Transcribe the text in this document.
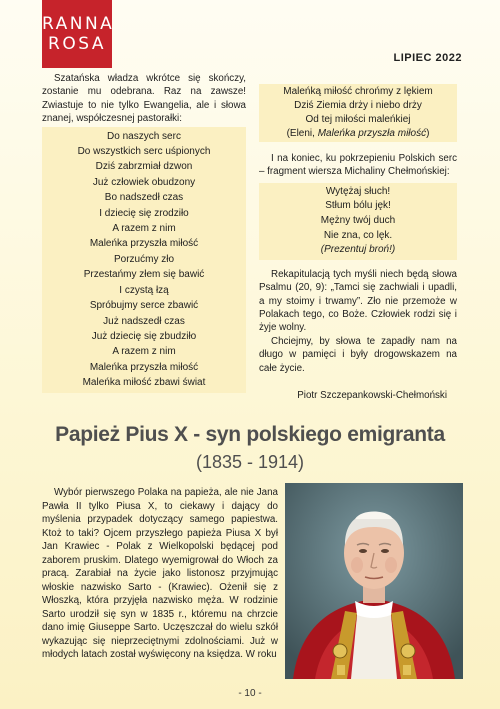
RANNA
ROSA
LIPIEC 2022

Szatańska władza wkrótce się skończy, zostanie mu odebrana. Raz na zawsze! Zwiastuje to nie tylko Ewangelia, ale i słowa znanej, współczesnej pastorałki:

Do naszych serc
Do wszystkich serc uśpionych
Dziś zabrzmiał dzwon
Już człowiek obudzony
Bo nadszedł czas
I dziecię się zrodziło
A razem z nim
Maleńka przyszła miłość
Porzućmy zło
Przestańmy złem się bawić
I czystą łzą
Spróbujmy serce zbawić
Już nadszedł czas
Już dziecię się zbudziło
A razem z nim
Maleńka przyszła miłość
Maleńka miłość zbawi świat
Maleńką miłość chrońmy z lękiem
Dziś Ziemia drży i niebo drży
Od tej miłości maleńkiej
(Eleni, Maleńka przyszła miłość)

I na koniec, ku pokrzepieniu Polskich serc – fragment wiersza Michaliny Chełmońskiej:

Wytężaj słuch!
Stłum bólu jęk!
Mężny twój duch
Nie zna, co lęk.
(Prezentuj broń!)

Rekapitulacją tych myśli niech będą słowa Psalmu (20, 9): „Tamci się zachwiali i upadli, a my stoimy i trwamy”. Zło nie przemoże w Polakach tego, co Boże. Człowiek rodzi się i żyje wolny.

Chciejmy, by słowa te zapadły nam na długo w pamięci i były drogowskazem na całe życie.

Piotr Szczepankowski-Chełmoński

Papież Pius X - syn polskiego emigranta
(1835 - 1914)

Wybór pierwszego Polaka na papieża, ale nie Jana Pawła II tylko Piusa X, to ciekawy i dający do myślenia przypadek dotyczący samego papiestwa. Ktoż to taki? Ojcem przyszłego papieża Piusa X był Jan Krawiec - Polak z Wielkopolski będącej pod zaborem pruskim. Dlatego wyemigrował do Włoch za pracą. Zarabiał na życie jako listonosz przyjmując włoskie nazwisko Sarto - (Krawiec). Ożenił się z Włoszką, która przyjęła nazwisko męża. W rodzinie Sarto urodził się syn w 1835 r., któremu na chrzcie dano imię Giuseppe Sarto. Uczęszczał do wielu szkół wykazując się nieprzeciętnymi zdolnościami. Już w młodych latach został wyświęcony na księdza. W roku

- 10 -
